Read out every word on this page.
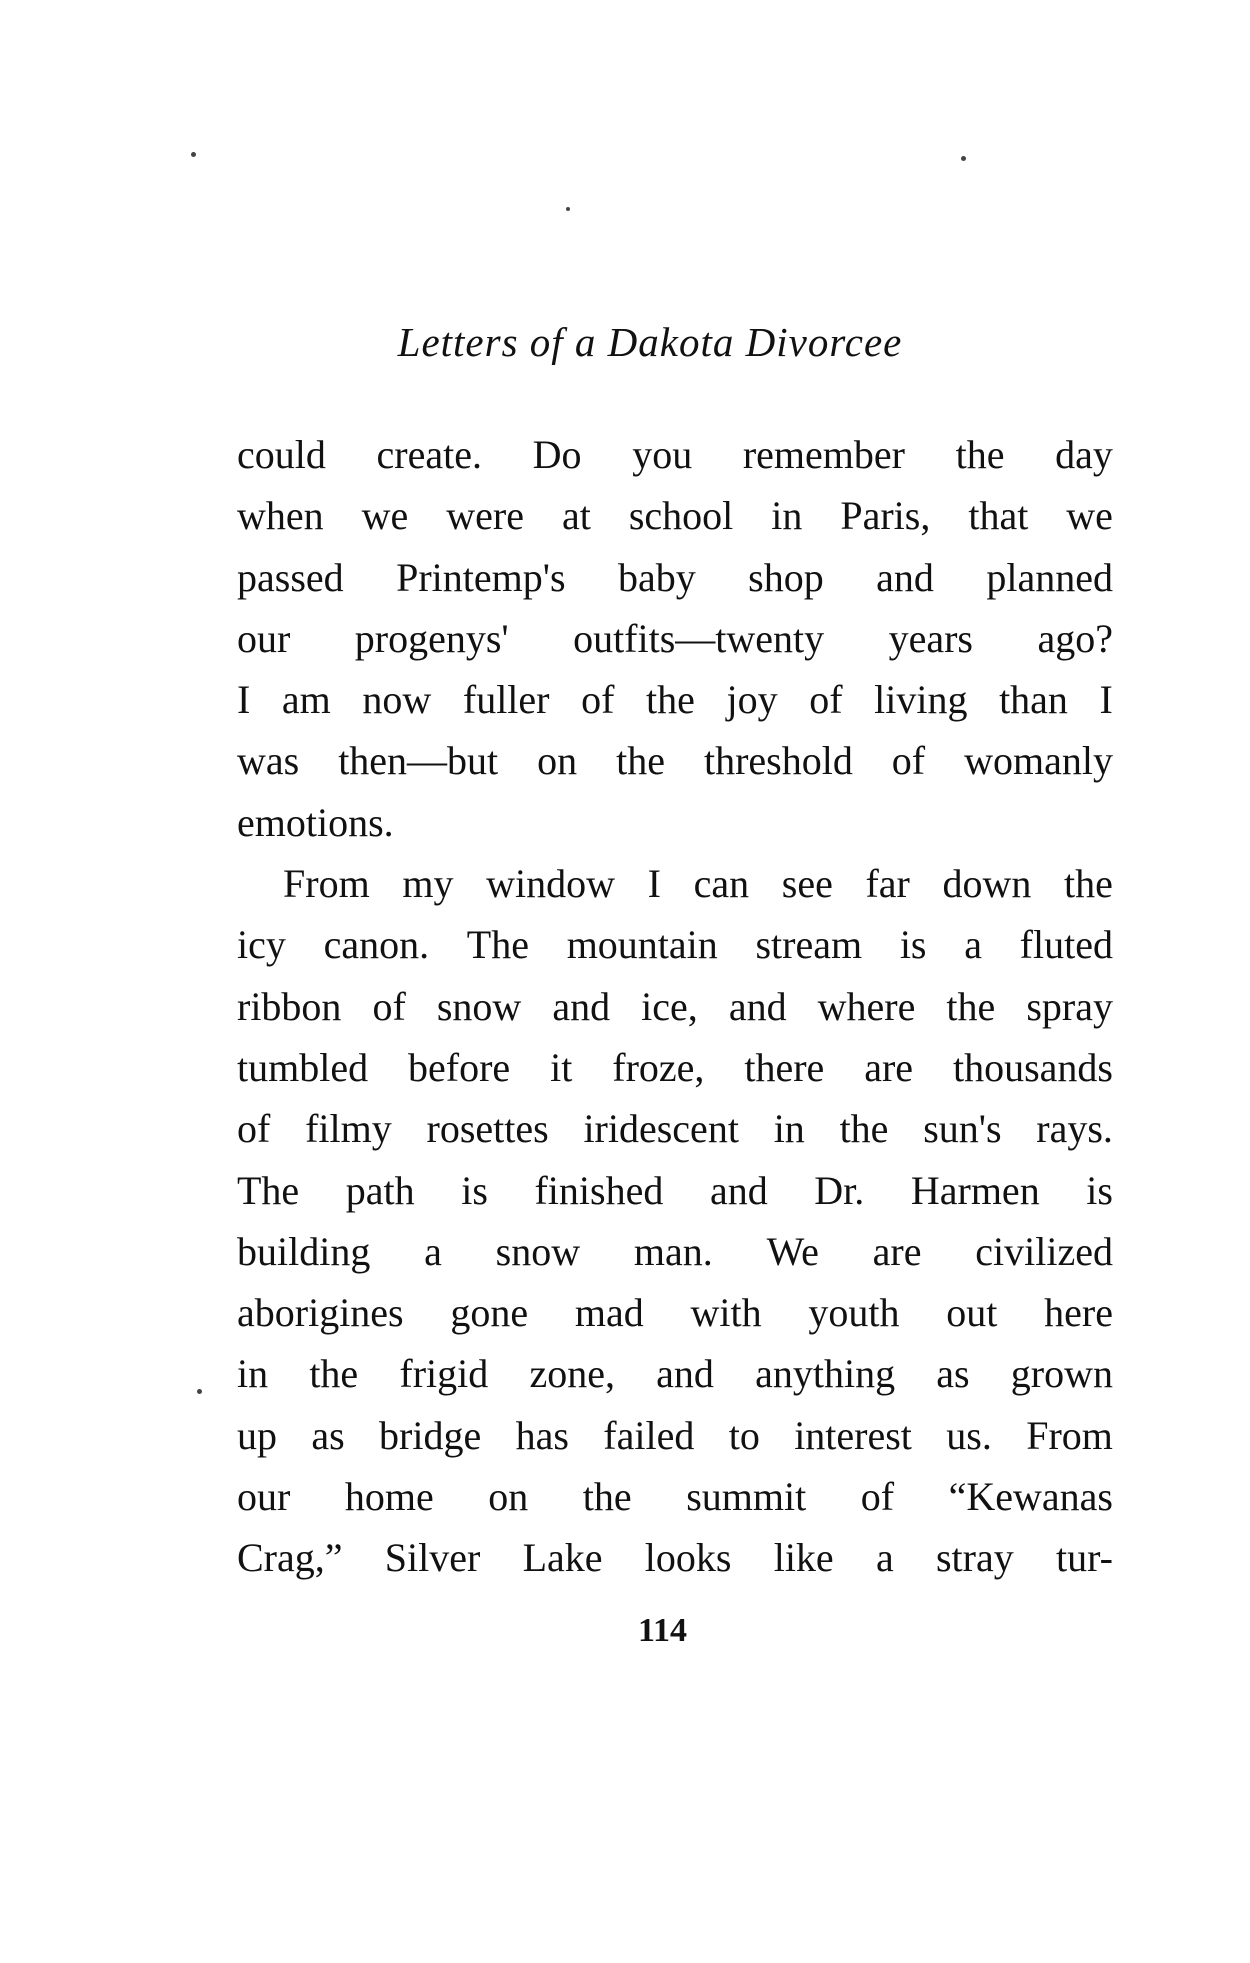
Letters of a Dakota Divorcee
could create. Do you remember the day
when we were at school in Paris, that we
passed Printemp's baby shop and planned
our progenys' outfits—twenty years ago?
I am now fuller of the joy of living than I
was then—but on the threshold of womanly
emotions.
From my window I can see far down the
icy canon. The mountain stream is a fluted
ribbon of snow and ice, and where the spray
tumbled before it froze, there are thousands
of filmy rosettes iridescent in the sun's rays.
The path is finished and Dr. Harmen is
building a snow man. We are civilized
aborigines gone mad with youth out here
in the frigid zone, and anything as grown
up as bridge has failed to interest us. From
our home on the summit of “Kewanas
Crag,” Silver Lake looks like a stray tur-
114
